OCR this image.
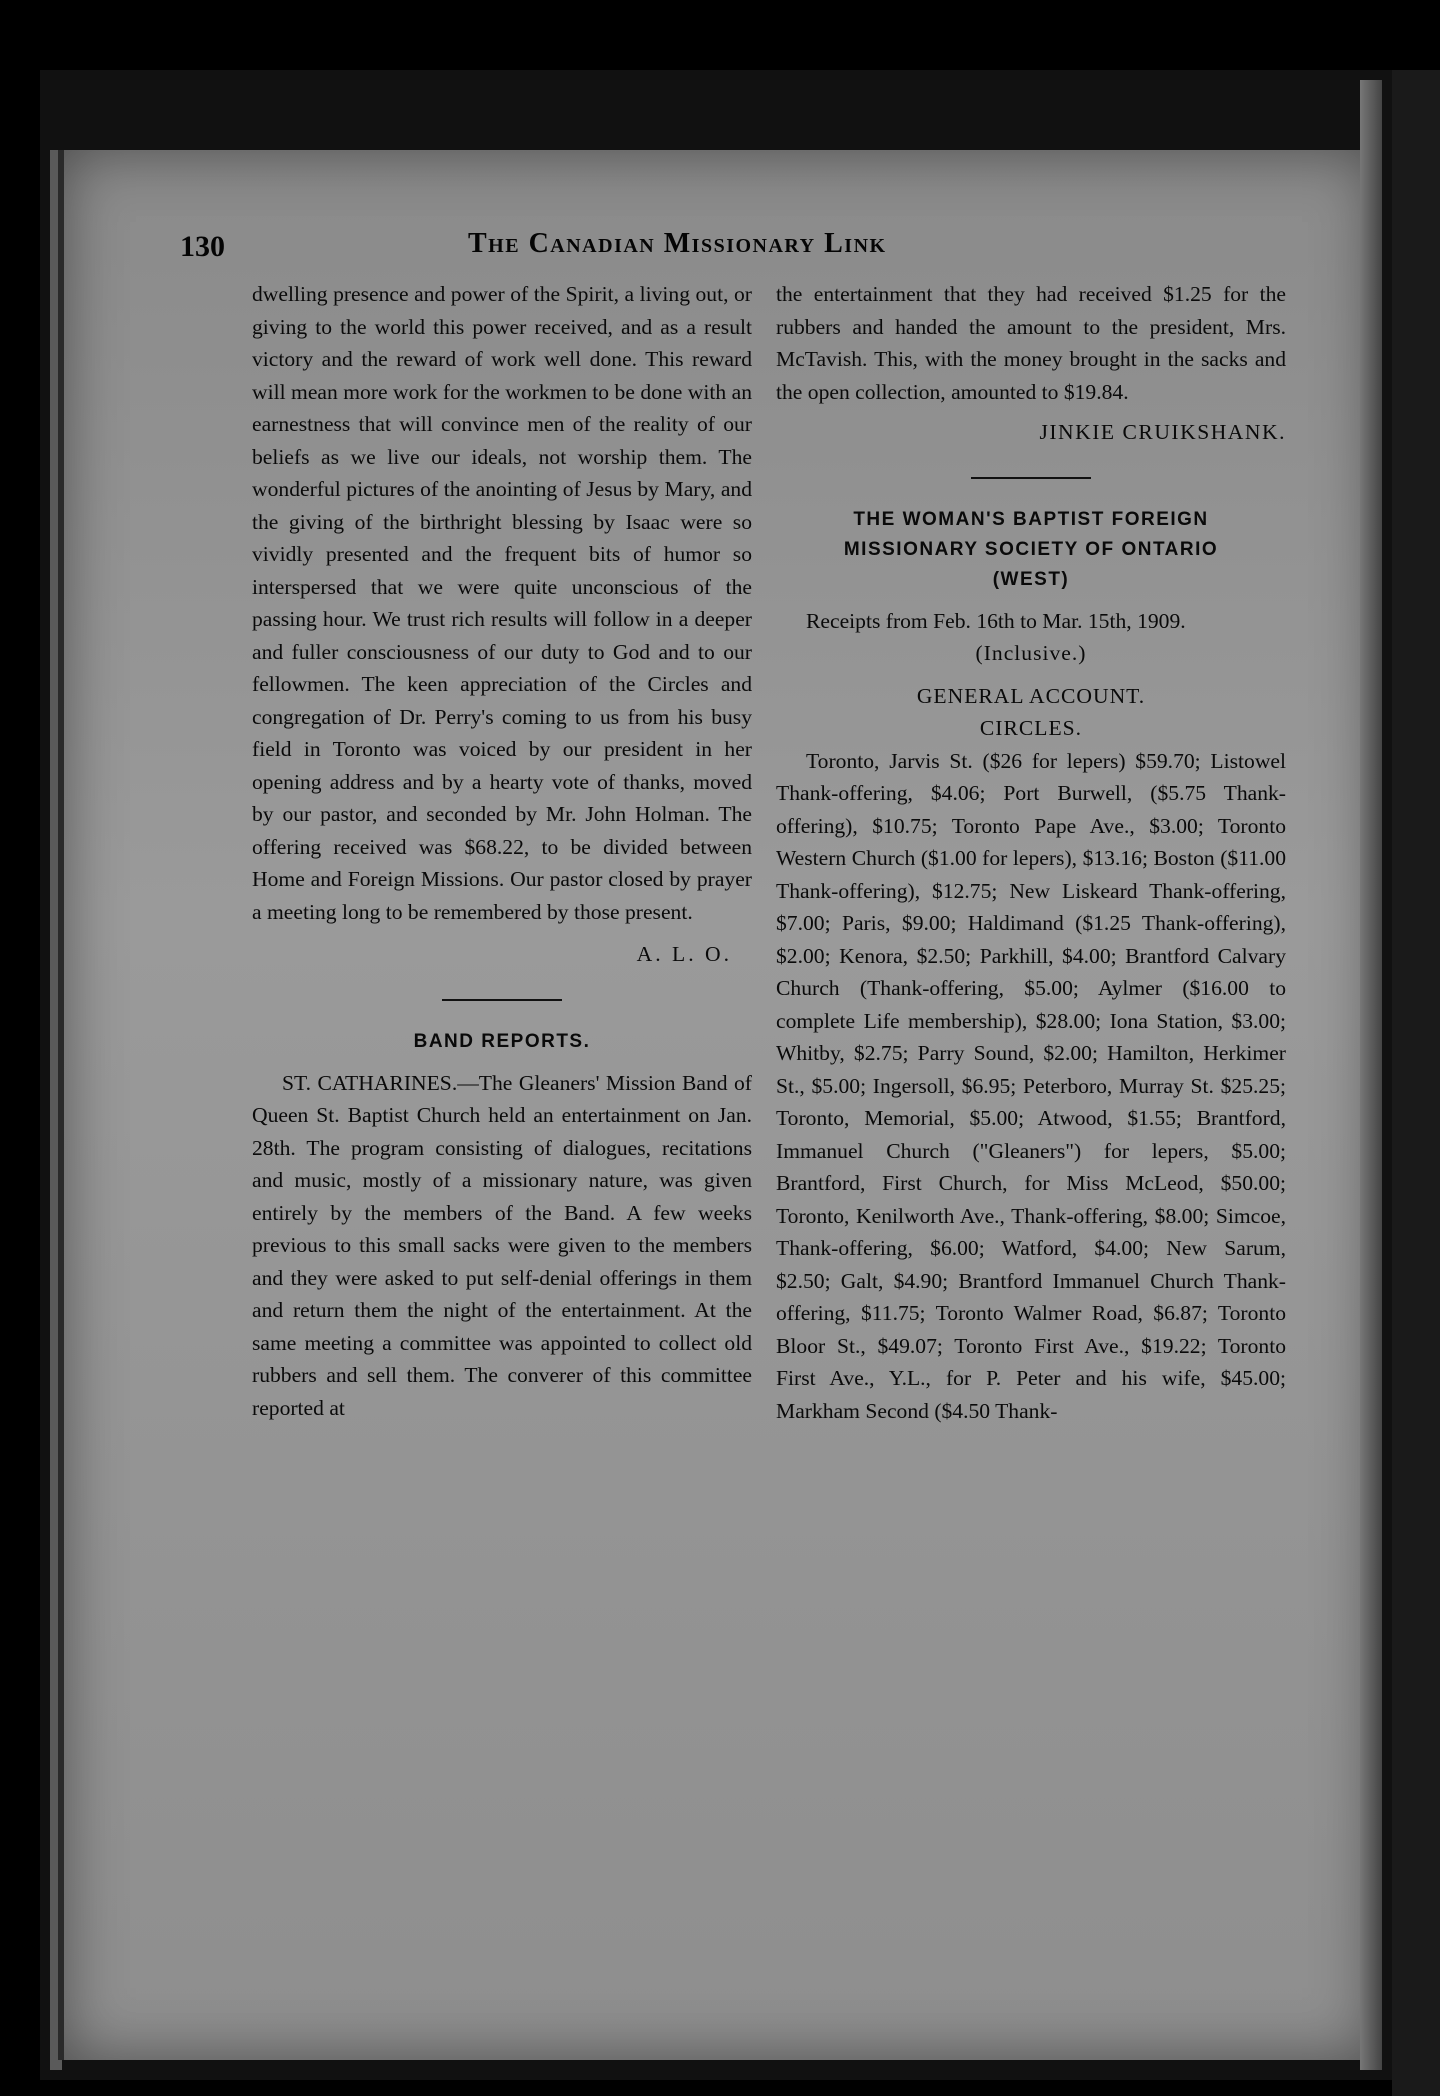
130	The Canadian Missionary Link

dwelling presence and power of the Spirit, a living out, or giving to the world this power received, and as a result victory and the reward of work well done. This reward will mean more work for the workmen to be done with an earnestness that will convince men of the reality of our beliefs as we live our ideals, not worship them. The wonderful pictures of the anointing of Jesus by Mary, and the giving of the birthright blessing by Isaac were so vividly presented and the frequent bits of humor so interspersed that we were quite unconscious of the passing hour. We trust rich results will follow in a deeper and fuller consciousness of our duty to God and to our fellowmen. The keen appreciation of the Circles and congregation of Dr. Perry's coming to us from his busy field in Toronto was voiced by our president in her opening address and by a hearty vote of thanks, moved by our pastor, and seconded by Mr. John Holman. The offering received was $68.22, to be divided between Home and Foreign Missions. Our pastor closed by prayer a meeting long to be remembered by those present.

A. L. O.

BAND REPORTS.

ST. CATHARINES.—The Gleaners' Mission Band of Queen St. Baptist Church held an entertainment on Jan. 28th. The program consisting of dialogues, recitations and music, mostly of a missionary nature, was given entirely by the members of the Band. A few weeks previous to this small sacks were given to the members and they were asked to put self-denial offerings in them and return them the night of the entertainment. At the same meeting a committee was appointed to collect old rubbers and sell them. The converer of this committee reported at

the entertainment that they had received $1.25 for the rubbers and handed the amount to the president, Mrs. McTavish. This, with the money brought in the sacks and the open collection, amounted to $19.84.

JINKIE CRUIKSHANK.

THE WOMAN'S BAPTIST FOREIGN
MISSIONARY SOCIETY OF ONTARIO
(WEST)

Receipts from Feb. 16th to Mar. 15th, 1909.

(Inclusive.)

GENERAL ACCOUNT.

CIRCLES.

Toronto, Jarvis St. ($26 for lepers) $59.70; Listowel Thank-offering, $4.06; Port Burwell, ($5.75 Thank-offering), $10.75; Toronto Pape Ave., $3.00; Toronto Western Church ($1.00 for lepers), $13.16; Boston ($11.00 Thank-offering), $12.75; New Liskeard Thank-offering, $7.00; Paris, $9.00; Haldimand ($1.25 Thank-offering), $2.00; Kenora, $2.50; Parkhill, $4.00; Brantford Calvary Church (Thank-offering, $5.00; Aylmer ($16.00 to complete Life membership), $28.00; Iona Station, $3.00; Whitby, $2.75; Parry Sound, $2.00; Hamilton, Herkimer St., $5.00; Ingersoll, $6.95; Peterboro, Murray St. $25.25; Toronto, Memorial, $5.00; Atwood, $1.55; Brantford, Immanuel Church ("Gleaners") for lepers, $5.00; Brantford, First Church, for Miss McLeod, $50.00; Toronto, Kenilworth Ave., Thank-offering, $8.00; Simcoe, Thank-offering, $6.00; Watford, $4.00; New Sarum, $2.50; Galt, $4.90; Brantford Immanuel Church Thank-offering, $11.75; Toronto Walmer Road, $6.87; Toronto Bloor St., $49.07; Toronto First Ave., $19.22; Toronto First Ave., Y.L., for P. Peter and his wife, $45.00; Markham Second ($4.50 Thank-
